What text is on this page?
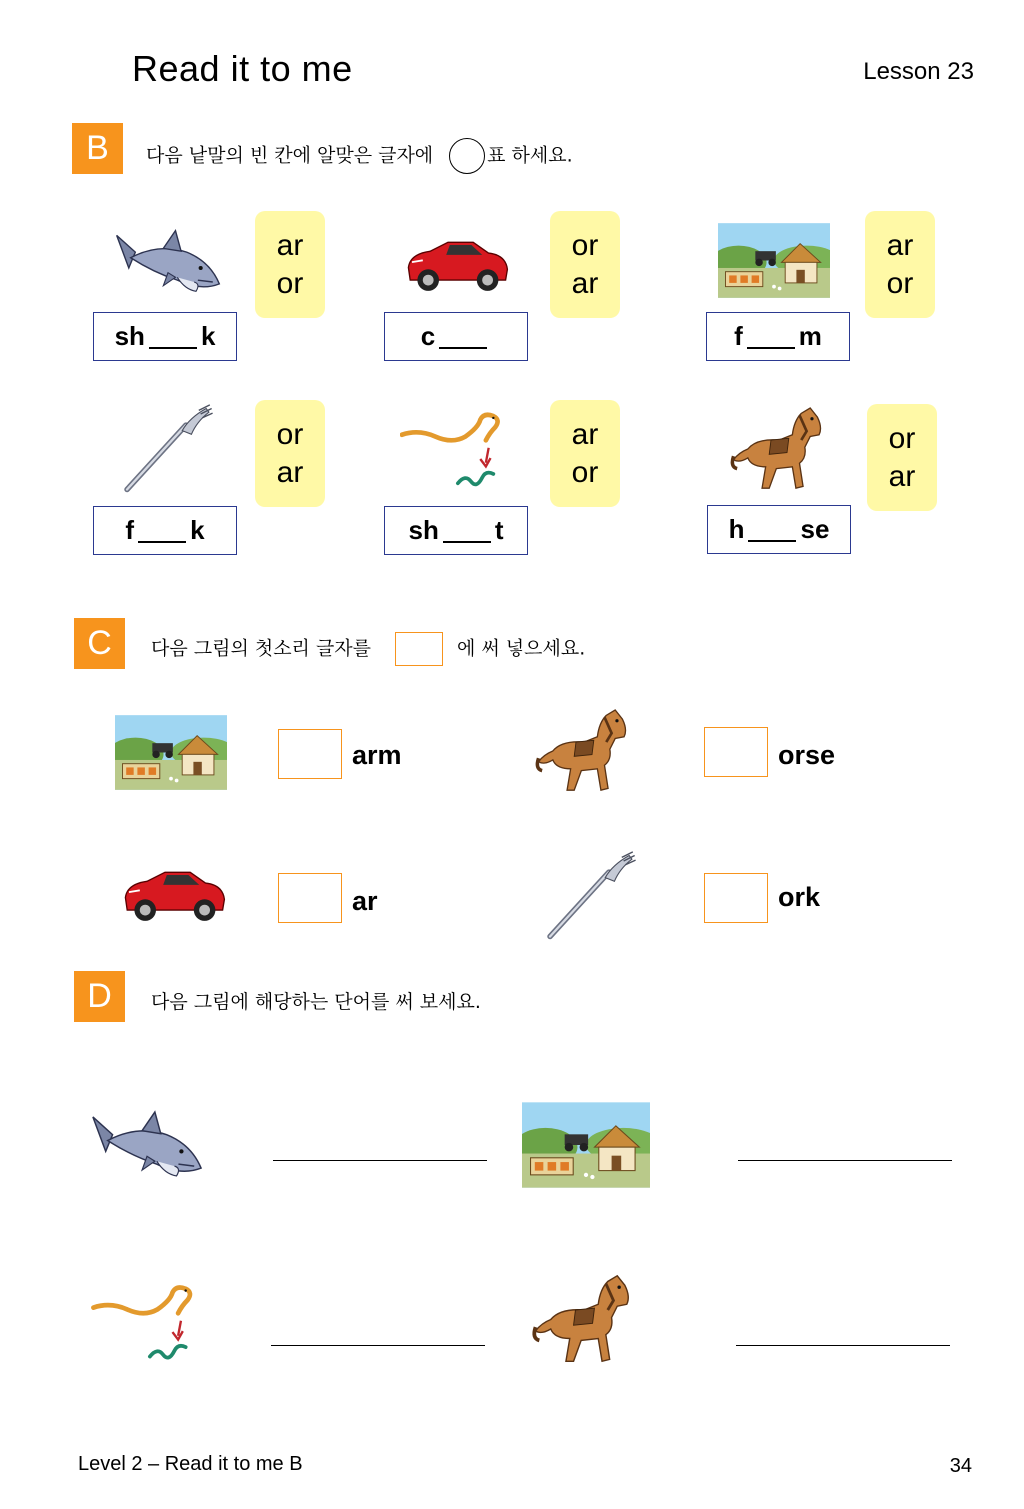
Read it to me	Lesson 23
B	다음 낱말의 빈 칸에 알맞은 글자에	표 하세요.
ar
or
sh k
or
ar
c
ar
or
f m
or
ar
f k
ar
or
sh t
or
ar
h se
C	다음 그림의 첫소리 글자를	에 써 넣으세요.
arm	orse
ar	ork
D	다음 그림에 해당하는 단어를 써 보세요.
Level 2 – Read it to me B	34
